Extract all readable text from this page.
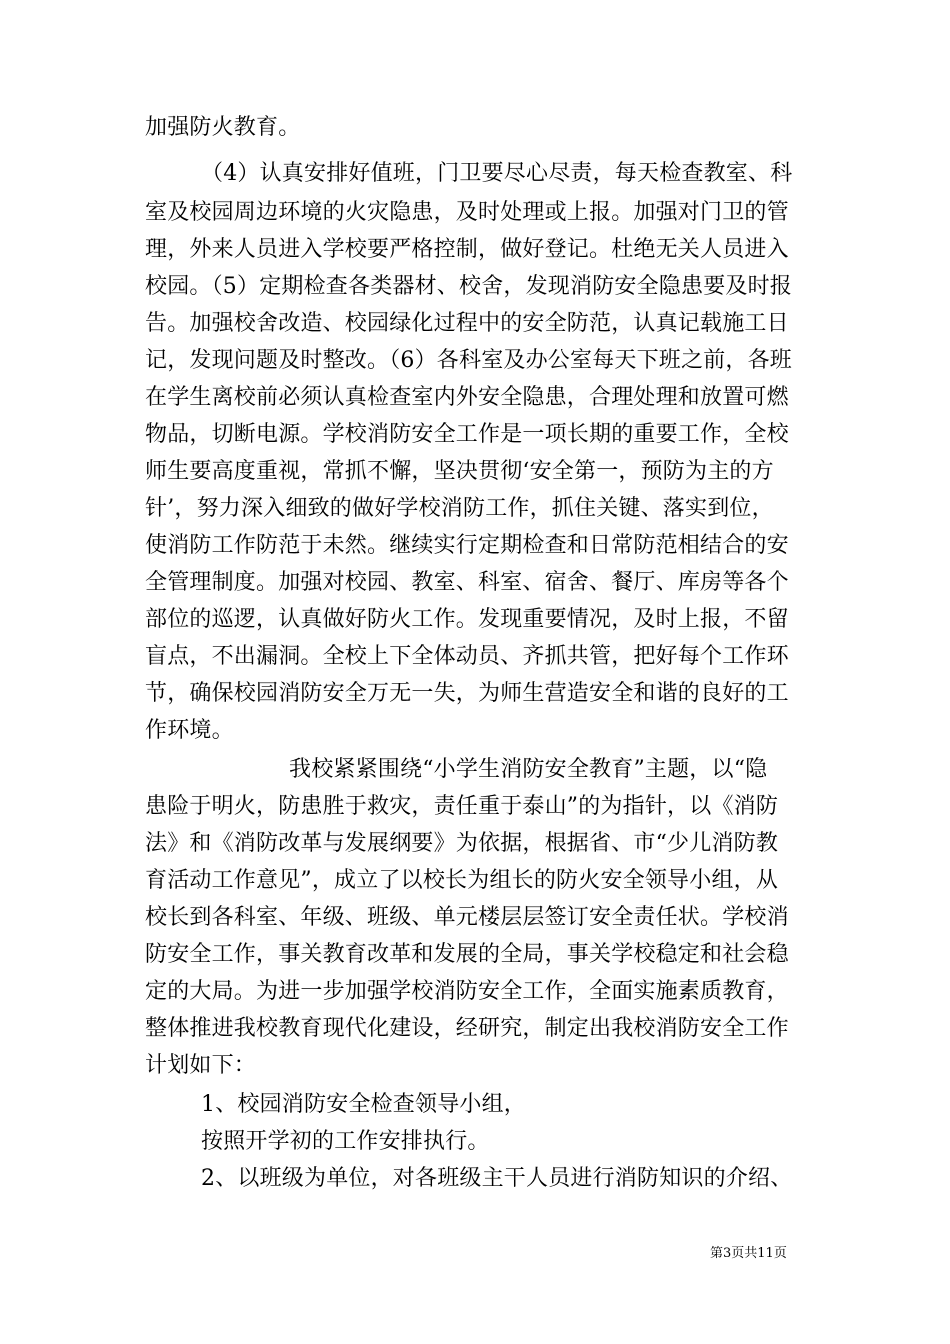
加强防火教育。
（4）认真安排好值班，门卫要尽心尽责，每天检查教室、科
室及校园周边环境的火灾隐患，及时处理或上报。加强对门卫的管
理，外来人员进入学校要严格控制，做好登记。杜绝无关人员进入
校园。（5）定期检查各类器材、校舍，发现消防安全隐患要及时报
告。加强校舍改造、校园绿化过程中的安全防范，认真记载施工日
记，发现问题及时整改。（6）各科室及办公室每天下班之前，各班
在学生离校前必须认真检查室内外安全隐患，合理处理和放置可燃
物品，切断电源。学校消防安全工作是一项长期的重要工作，全校
师生要高度重视，常抓不懈，坚决贯彻‘安全第一，预防为主的方
针’，努力深入细致的做好学校消防工作，抓住关键、落实到位，
使消防工作防范于未然。继续实行定期检查和日常防范相结合的安
全管理制度。加强对校园、教室、科室、宿舍、餐厅、库房等各个
部位的巡逻，认真做好防火工作。发现重要情况，及时上报，不留
盲点，不出漏洞。全校上下全体动员、齐抓共管，把好每个工作环
节，确保校园消防安全万无一失，为师生营造安全和谐的良好的工
作环境。
我校紧紧围绕“小学生消防安全教育”主题，以“隐
患险于明火，防患胜于救灾，责任重于泰山”的为指针，以《消防
法》和《消防改革与发展纲要》为依据，根据省、市“少儿消防教
育活动工作意见”，成立了以校长为组长的防火安全领导小组，从
校长到各科室、年级、班级、单元楼层层签订安全责任状。学校消
防安全工作，事关教育改革和发展的全局，事关学校稳定和社会稳
定的大局。为进一步加强学校消防安全工作，全面实施素质教育，
整体推进我校教育现代化建设，经研究，制定出我校消防安全工作
计划如下：
1、校园消防安全检查领导小组，
按照开学初的工作安排执行。
2、以班级为单位，对各班级主干人员进行消防知识的介绍、
第3页共11页
